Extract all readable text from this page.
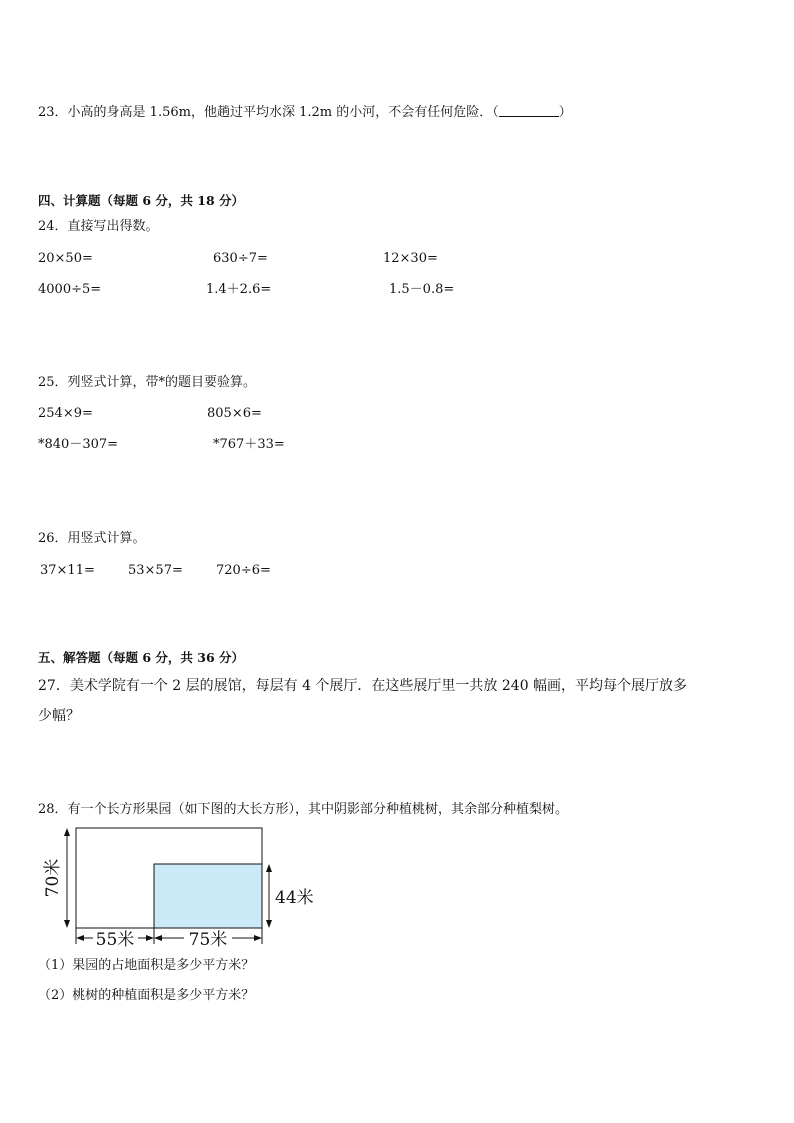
23．小高的身高是 1.56m，他趟过平均水深 1.2m 的小河，不会有任何危险．（	）
四、计算题（每题 6 分，共 18 分）
24．直接写出得数。
20×50=	630÷7=	12×30=
4000÷5=	1.4＋2.6=	1.5－0.8=
25．列竖式计算，带*的题目要验算。
254×9=	805×6=
*840－307=	*767＋33=
26．用竖式计算。
37×11=	53×57=	720÷6=
五、解答题（每题 6 分，共 36 分）
27．美术学院有一个 2 层的展馆，每层有 4 个展厅．在这些展厅里一共放 240 幅画，平均每个展厅放多
少幅？
28．有一个长方形果园（如下图的大长方形），其中阴影部分种植桃树，其余部分种植梨树。
70米
44米
55米	75米
（1）果园的占地面积是多少平方米？
（2）桃树的种植面积是多少平方米？
